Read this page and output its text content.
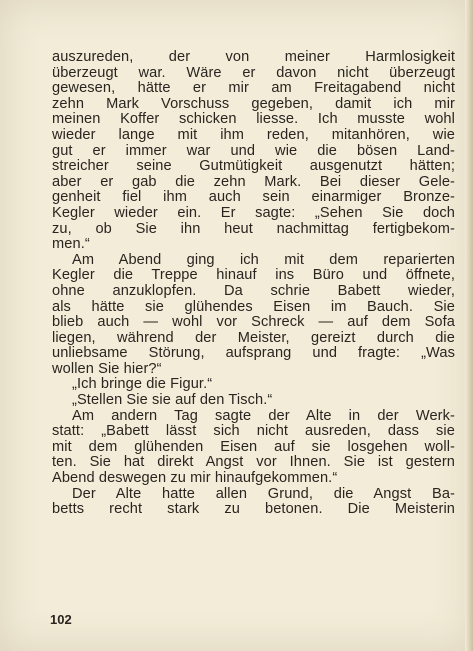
auszureden, der von meiner Harmlosigkeit
überzeugt war. Wäre er davon nicht überzeugt
gewesen, hätte er mir am Freitagabend nicht
zehn Mark Vorschuss gegeben, damit ich mir
meinen Koffer schicken liesse. Ich musste wohl
wieder lange mit ihm reden, mitanhören, wie
gut er immer war und wie die bösen Land-
streicher seine Gutmütigkeit ausgenutzt hätten;
aber er gab die zehn Mark. Bei dieser Gele-
genheit fiel ihm auch sein einarmiger Bronze-
Kegler wieder ein. Er sagte: „Sehen Sie doch
zu, ob Sie ihn heut nachmittag fertigbekom-
men.“
Am Abend ging ich mit dem reparierten
Kegler die Treppe hinauf ins Büro und öffnete,
ohne anzuklopfen. Da schrie Babett wieder,
als hätte sie glühendes Eisen im Bauch. Sie
blieb auch — wohl vor Schreck — auf dem Sofa
liegen, während der Meister, gereizt durch die
unliebsame Störung, aufsprang und fragte: „Was
wollen Sie hier?“
„Ich bringe die Figur.“
„Stellen Sie sie auf den Tisch.“
Am andern Tag sagte der Alte in der Werk-
statt: „Babett lässt sich nicht ausreden, dass sie
mit dem glühenden Eisen auf sie losgehen woll-
ten. Sie hat direkt Angst vor Ihnen. Sie ist gestern
Abend deswegen zu mir hinaufgekommen.“
Der Alte hatte allen Grund, die Angst Ba-
betts recht stark zu betonen. Die Meisterin
102
